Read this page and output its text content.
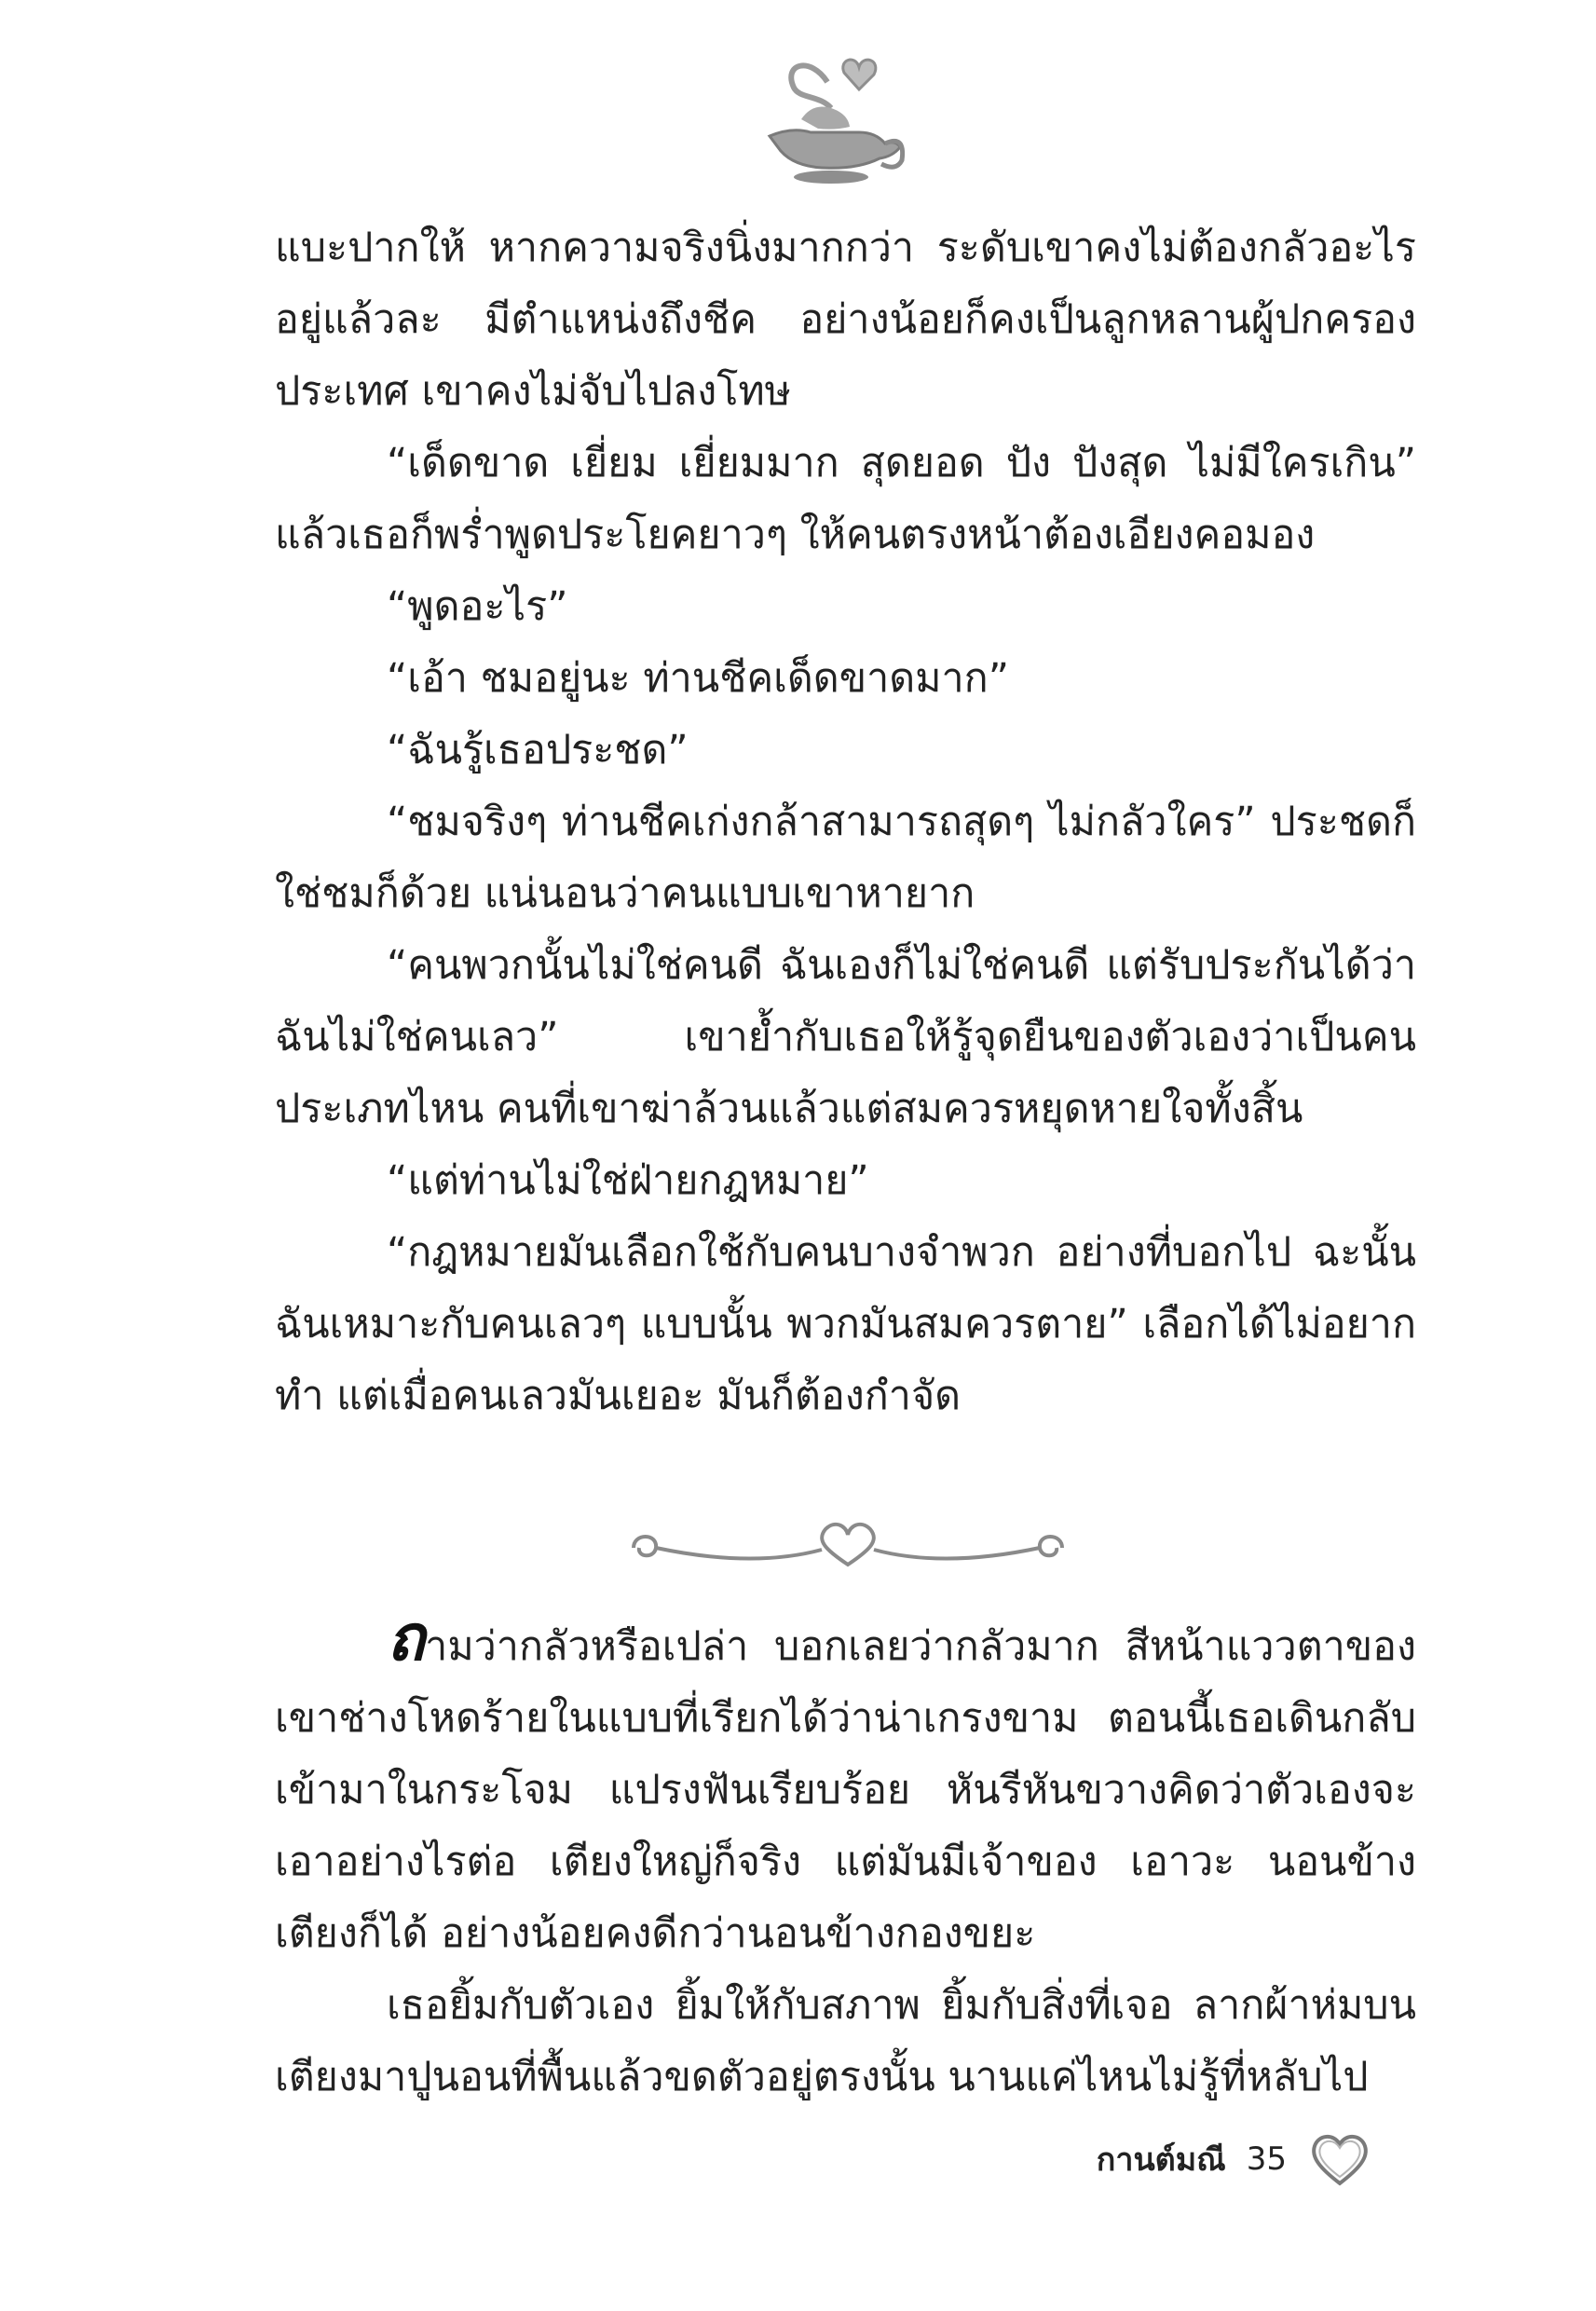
แบะปากให้ หากความจริงนิ่งมากกว่า ระดับเขาคงไม่ต้องกลัวอะไรอยู่แล้วละ มีตำแหน่งถึงชีค อย่างน้อยก็คงเป็นลูกหลานผู้ปกครองประเทศ เขาคงไม่จับไปลงโทษ

“เด็ดขาด เยี่ยม เยี่ยมมาก สุดยอด ปัง ปังสุด ไม่มีใครเกิน” แล้วเธอก็พร่ำพูดประโยคยาวๆ ให้คนตรงหน้าต้องเอียงคอมอง

“พูดอะไร”

“เอ้า ชมอยู่นะ ท่านชีคเด็ดขาดมาก”

“ฉันรู้เธอประชด”

“ชมจริงๆ ท่านชีคเก่งกล้าสามารถสุดๆ ไม่กลัวใคร” ประชดก็ใช่ชมก็ด้วย แน่นอนว่าคนแบบเขาหายาก

“คนพวกนั้นไม่ใช่คนดี ฉันเองก็ไม่ใช่คนดี แต่รับประกันได้ว่าฉันไม่ใช่คนเลว” เขาย้ำกับเธอให้รู้จุดยืนของตัวเองว่าเป็นคนประเภทไหน คนที่เขาฆ่าล้วนแล้วแต่สมควรหยุดหายใจทั้งสิ้น

“แต่ท่านไม่ใช่ฝ่ายกฎหมาย”

“กฎหมายมันเลือกใช้กับคนบางจำพวก อย่างที่บอกไป ฉะนั้นฉันเหมาะกับคนเลวๆ แบบนั้น พวกมันสมควรตาย” เลือกได้ไม่อยากทำ แต่เมื่อคนเลวมันเยอะ มันก็ต้องกำจัด

ถามว่ากลัวหรือเปล่า บอกเลยว่ากลัวมาก สีหน้าแววตาของเขาช่างโหดร้ายในแบบที่เรียกได้ว่าน่าเกรงขาม ตอนนี้เธอเดินกลับเข้ามาในกระโจม แปรงฟันเรียบร้อย หันรีหันขวางคิดว่าตัวเองจะเอาอย่างไรต่อ เตียงใหญ่ก็จริง แต่มันมีเจ้าของ เอาวะ นอนข้างเตียงก็ได้ อย่างน้อยคงดีกว่านอนข้างกองขยะ

เธอยิ้มกับตัวเอง ยิ้มให้กับสภาพ ยิ้มกับสิ่งที่เจอ ลากผ้าห่มบนเตียงมาปูนอนที่พื้นแล้วขดตัวอยู่ตรงนั้น นานแค่ไหนไม่รู้ที่หลับไป

กานต์มณี 35
